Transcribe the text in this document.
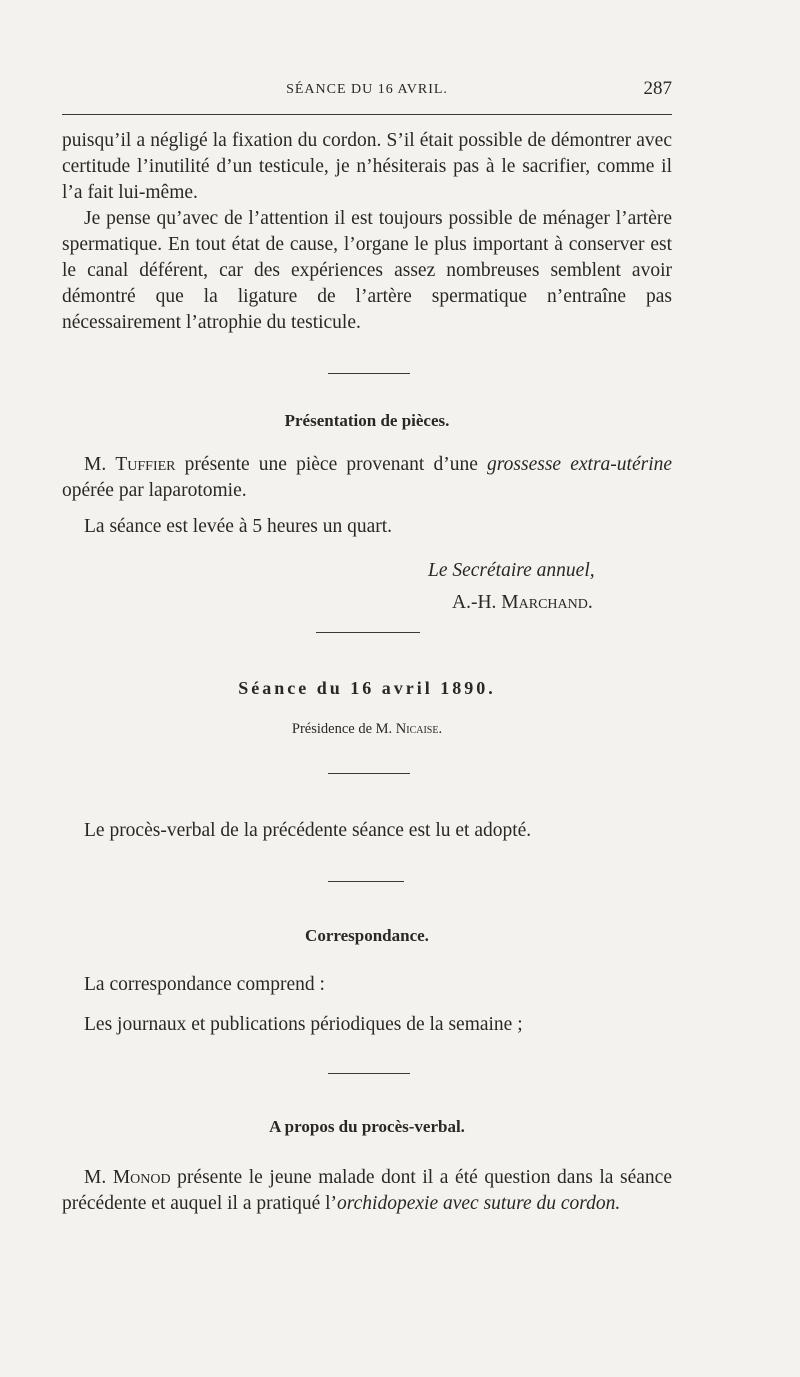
SÉANCE DU 16 AVRIL.	287
puisqu’il a négligé la fixation du cordon. S’il était possible de démontrer avec certitude l’inutilité d’un testicule, je n’hésiterais pas à le sacrifier, comme il l’a fait lui-même.
Je pense qu’avec de l’attention il est toujours possible de ménager l’artère spermatique. En tout état de cause, l’organe le plus important à conserver est le canal déférent, car des expériences assez nombreuses semblent avoir démontré que la ligature de l’artère spermatique n’entraîne pas nécessairement l’atrophie du testicule.
Présentation de pièces.
M. Tuffier présente une pièce provenant d’une grossesse extra-utérine opérée par laparotomie.
La séance est levée à 5 heures un quart.
Le Secrétaire annuel,
A.-H. Marchand.
Séance du 16 avril 1890.
Présidence de M. Nicaise.
Le procès-verbal de la précédente séance est lu et adopté.
Correspondance.
La correspondance comprend :
Les journaux et publications périodiques de la semaine ;
A propos du procès-verbal.
M. Monod présente le jeune malade dont il a été question dans la séance précédente et auquel il a pratiqué l’orchidopexie avec suture du cordon.
